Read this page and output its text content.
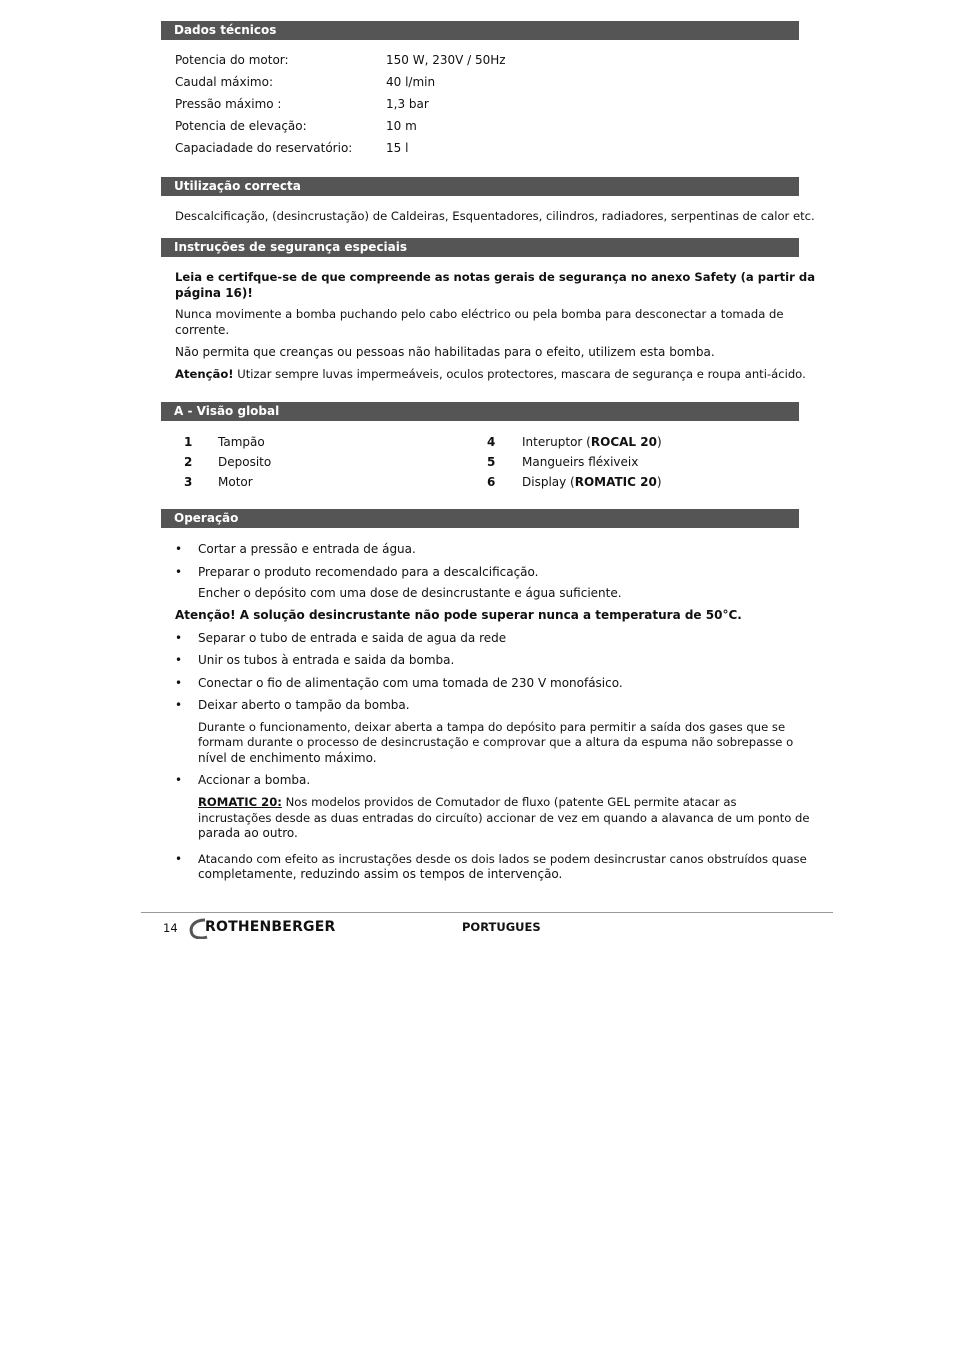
Dados técnicos
Potencia do motor:	150 W, 230V / 50Hz
Caudal máximo:	40 l/min
Pressão máximo :	1,3 bar
Potencia de elevação:	10 m
Capaciadade do reservatório:	15 l
Utilização correcta
Descalcificação, (desincrustação) de Caldeiras, Esquentadores, cilindros, radiadores, serpentinas de calor etc.
Instruções de segurança especiais
Leia e certifque-se de que compreende as notas gerais de segurança no anexo Safety (a partir da
página 16)!
Nunca movimente a bomba puchando pelo cabo eléctrico ou pela bomba para desconectar a tomada de
corrente.
Não permita que creanças ou pessoas não habilitadas para o efeito, utilizem esta bomba.
Atenção! Utizar sempre luvas impermeáveis, oculos protectores, mascara de segurança e roupa anti-ácido.
A - Visão global
1 Tampão
2 Deposito
3 Motor
4 Interuptor (ROCAL 20)
5 Mangueirs fléxiveix
6 Display (ROMATIC 20)
Operação
• Cortar a pressão e entrada de água.
• Preparar o produto recomendado para a descalcificação.
Encher o depósito com uma dose de desincrustante e água suficiente.
Atenção! A solução desincrustante não pode superar nunca a temperatura de 50°C.
• Separar o tubo de entrada e saida de agua da rede
• Unir os tubos à entrada e saida da bomba.
• Conectar o fio de alimentação com uma tomada de 230 V monofásico.
• Deixar aberto o tampão da bomba.
Durante o funcionamento, deixar aberta a tampa do depósito para permitir a saída dos gases que se
formam durante o processo de desincrustação e comprovar que a altura da espuma não sobrepasse o
nível de enchimento máximo.
• Accionar a bomba.
ROMATIC 20: Nos modelos providos de Comutador de fluxo (patente GEL permite atacar as
incrustações desde as duas entradas do circuíto) accionar de vez em quando a alavanca de um ponto de
parada ao outro.
• Atacando com efeito as incrustações desde os dois lados se podem desincrustar canos obstruídos quase
completamente, reduzindo assim os tempos de intervenção.
14 ROTHENBERGER	PORTUGUES
